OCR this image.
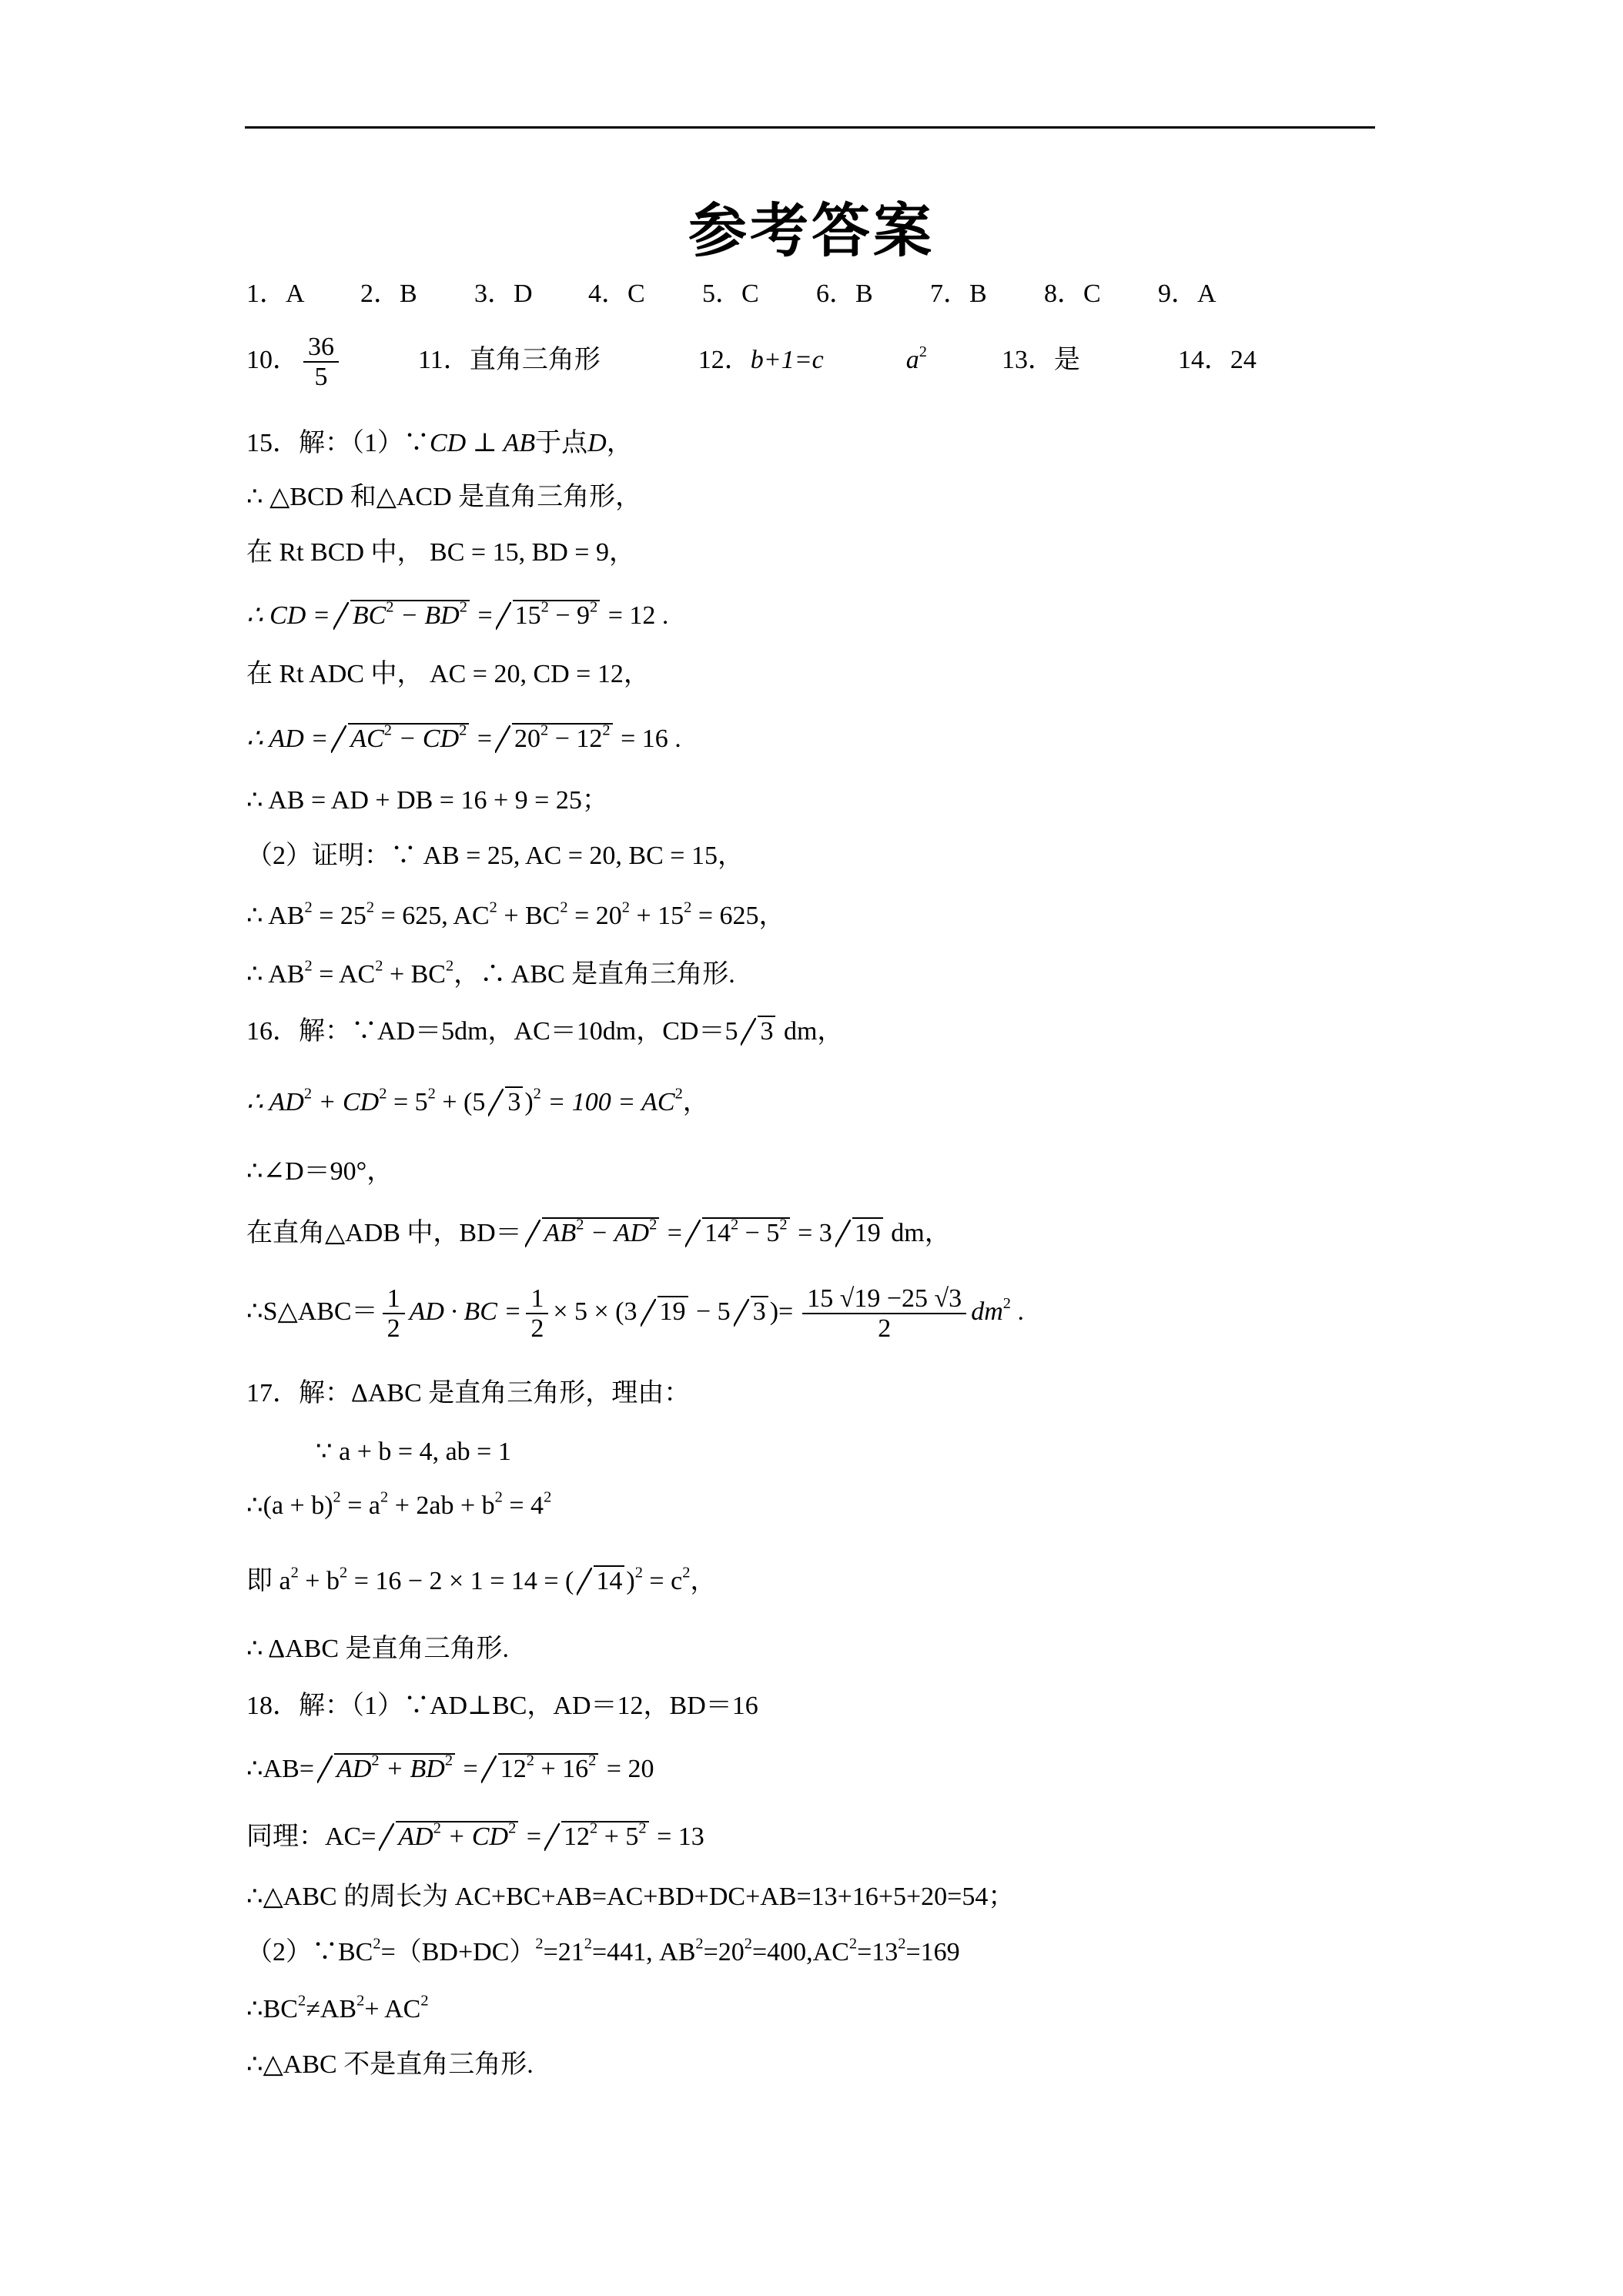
参考答案
1．A 2．B 3．D 4．C 5．C 6．B 7．B 8．C 9．A
10． $\frac{36}{5}$	11．直角三角形	12．b+1=c	$a^2$	13．是	14．24
15．解：（1）∵CD ⊥ AB于点D，
∴ △BCD 和△ACD 是直角三角形，
在 Rt BCD 中， BC = 15, BD = 9，
∴ CD = $BC^2 - BD^2 = 15^2 - 9^2 = 12$ .
在 Rt ADC 中， AC = 20, CD = 12，
∴ AD = $AC^2 - CD^2 = 20^2 - 12^2 = 16$ .
∴ AB = AD + DB = 16 + 9 = 25；
（2）证明：∵ AB = 25, AC = 20, BC = 15，
∴ $AB^2 = 25^2 = 625$, $AC^2 + BC^2 = 20^2 + 15^2 = 625$，
∴ $AB^2 = AC^2 + BC^2$，∴ ABC 是直角三角形.
16．解：∵AD＝5dm，AC＝10dm，CD＝5 3 dm，
∴ $AD^2 + CD^2 = 5^2 + (5$ 3 )$^2 = 100 = AC^2$，
∴∠D＝90°，
在直角△ADB 中，$BD= AB^2 - AD^2 = 14^2 - 5^2 = 3$ 19 dm，
∴S△ABC＝ $\frac{1}{2}$ AD · BC = $\frac{1}{2} \times 5 \times (3$ 19 − 5 3 )= $\frac{15 √19 -25 √3}{2} dm^2$ .
17．解：ΔABC 是直角三角形，理由：
∵ a + b = 4, ab = 1
∴(a + $b)^2 = a^2 + 2ab + b^2 = 4^2$
即 $a^2 + b^2 = 16 - 2 \times 1 = 14$ = ( 14 )$^2 = c^2$，
∴ ΔABC 是直角三角形.
18．解：（1）∵AD⊥BC，AD＝12，BD＝16
∴AB= $AD^2 + BD^2 = 12^2 + 16^2 = 20$
同理：$AC= AD^2 + CD^2 = 12^2 + 5^2 = 13$
∴△ABC 的周长为 AC+BC+AB=AC+BD+DC+AB=13+16+5+20=54；
$(2)\because BC^2=(BD+DC)^2=21^2=441$, $AB^2=20^2=400,AC^2=13^2=169$
$\therefore BC^2\ne AB^2+ AC^2$
∴△ABC 不是直角三角形.
